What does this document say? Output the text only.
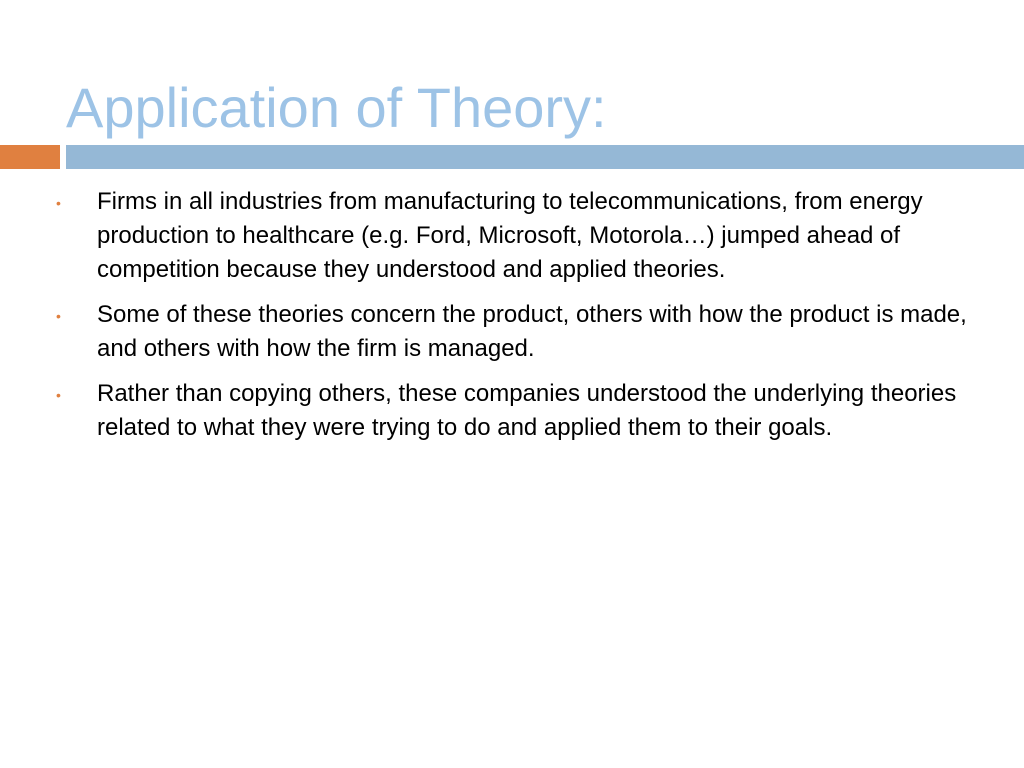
Application of Theory:
•	Firms in all industries from manufacturing to telecommunications, from energy production to healthcare (e.g. Ford, Microsoft, Motorola…) jumped ahead of competition because they understood and applied theories.
•	Some of these theories concern the product, others with how the product is made, and others with how the firm is managed.
•	Rather than copying others, these companies understood the underlying theories related to what they were trying to do and applied them to their goals.
